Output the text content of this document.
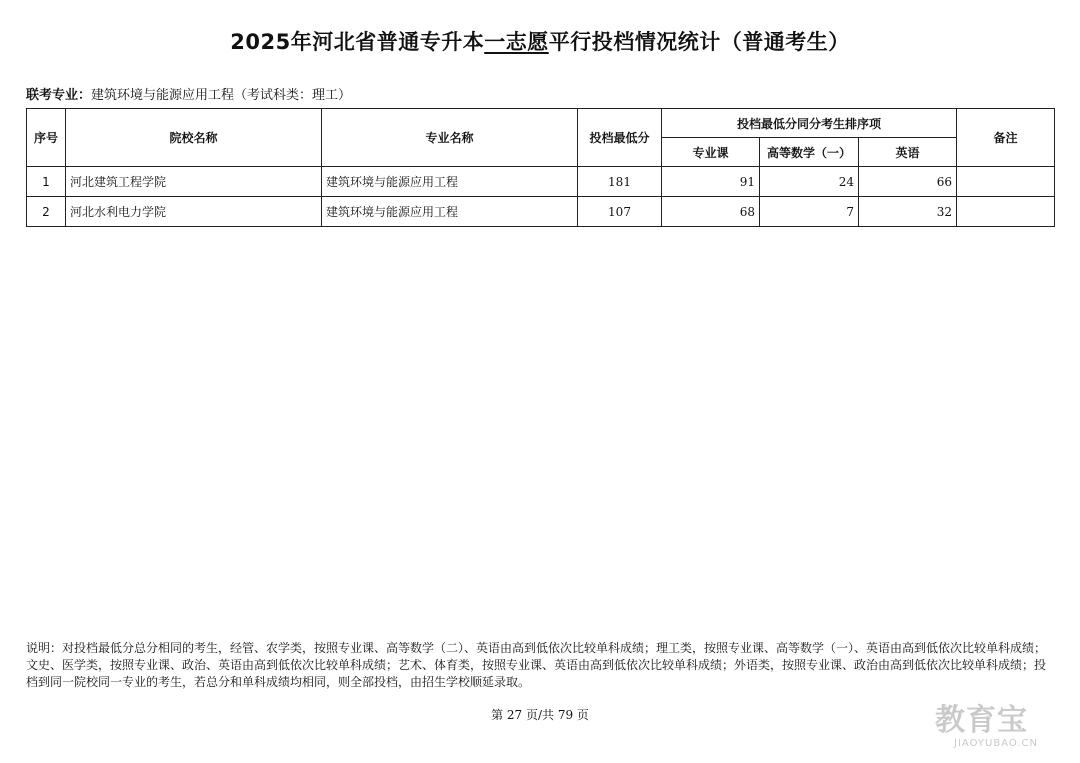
2025年河北省普通专升本一志愿平行投档情况统计（普通考生）
联考专业：建筑环境与能源应用工程（考试科类：理工）
序号	院校名称	专业名称	投档最低分	投档最低分同分考生排序项			备注
				专业课	高等数学（一）	英语	
1	河北建筑工程学院	建筑环境与能源应用工程	181	91	24	66	
2	河北水利电力学院	建筑环境与能源应用工程	107	68	7	32	
说明：对投档最低分总分相同的考生，经管、农学类，按照专业课、高等数学（二）、英语由高到低依次比较单科成绩；理工类，按照专业课、高等数学（一）、英语由高到低依次比较单科成绩；文史、医学类，按照专业课、政治、英语由高到低依次比较单科成绩；艺术、体育类，按照专业课、英语由高到低依次比较单科成绩；外语类，按照专业课、政治由高到低依次比较单科成绩；投档到同一院校同一专业的考生，若总分和单科成绩均相同，则全部投档，由招生学校顺延录取。
第 27 页/共 79 页	教育宝
JIAOYUBAO.CN
